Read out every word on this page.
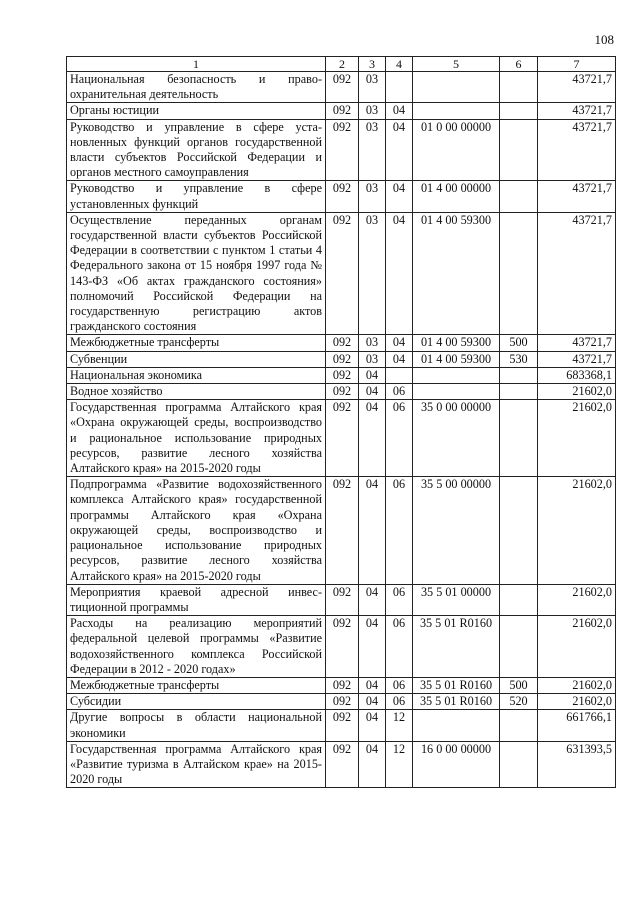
108
1	2	3	4	5	6	7
Национальная безопасность и правоохранительная деятельность	092	03				43721,7
Органы юстиции	092	03	04			43721,7
Руководство и управление в сфере установленных функций органов государственной власти субъектов Российской Федерации и органов местного самоуправления	092	03	04	01 0 00 00000		43721,7
Руководство и управление в сфере установленных функций	092	03	04	01 4 00 00000		43721,7
Осуществление переданных органам государственной власти субъектов Российской Федерации в соответствии с пунктом 1 статьи 4 Федерального закона от 15 ноября 1997 года № 143-ФЗ «Об актах гражданского состояния» полномочий Российской Федерации на государственную регистрацию актов гражданского состояния	092	03	04	01 4 00 59300		43721,7
Межбюджетные трансферты	092	03	04	01 4 00 59300	500	43721,7
Субвенции	092	03	04	01 4 00 59300	530	43721,7
Национальная экономика	092	04				683368,1
Водное хозяйство	092	04	06			21602,0
Государственная программа Алтайского края «Охрана окружающей среды, воспроизводство и рациональное использование природных ресурсов, развитие лесного хозяйства Алтайского края» на 2015-2020 годы	092	04	06	35 0 00 00000		21602,0
Подпрограмма «Развитие водохозяйственного комплекса Алтайского края» государственной программы Алтайского края «Охрана окружающей среды, воспроизводство и рациональное использование природных ресурсов, развитие лесного хозяйства Алтайского края» на 2015-2020 годы	092	04	06	35 5 00 00000		21602,0
Мероприятия краевой адресной инвестиционной программы	092	04	06	35 5 01 00000		21602,0
Расходы на реализацию мероприятий федеральной целевой программы «Развитие водохозяйственного комплекса Российской Федерации в 2012 - 2020 годах»	092	04	06	35 5 01 R0160		21602,0
Межбюджетные трансферты	092	04	06	35 5 01 R0160	500	21602,0
Субсидии	092	04	06	35 5 01 R0160	520	21602,0
Другие вопросы в области национальной экономики	092	04	12			661766,1
Государственная программа Алтайского края «Развитие туризма в Алтайском крае» на 2015-2020 годы	092	04	12	16 0 00 00000		631393,5
